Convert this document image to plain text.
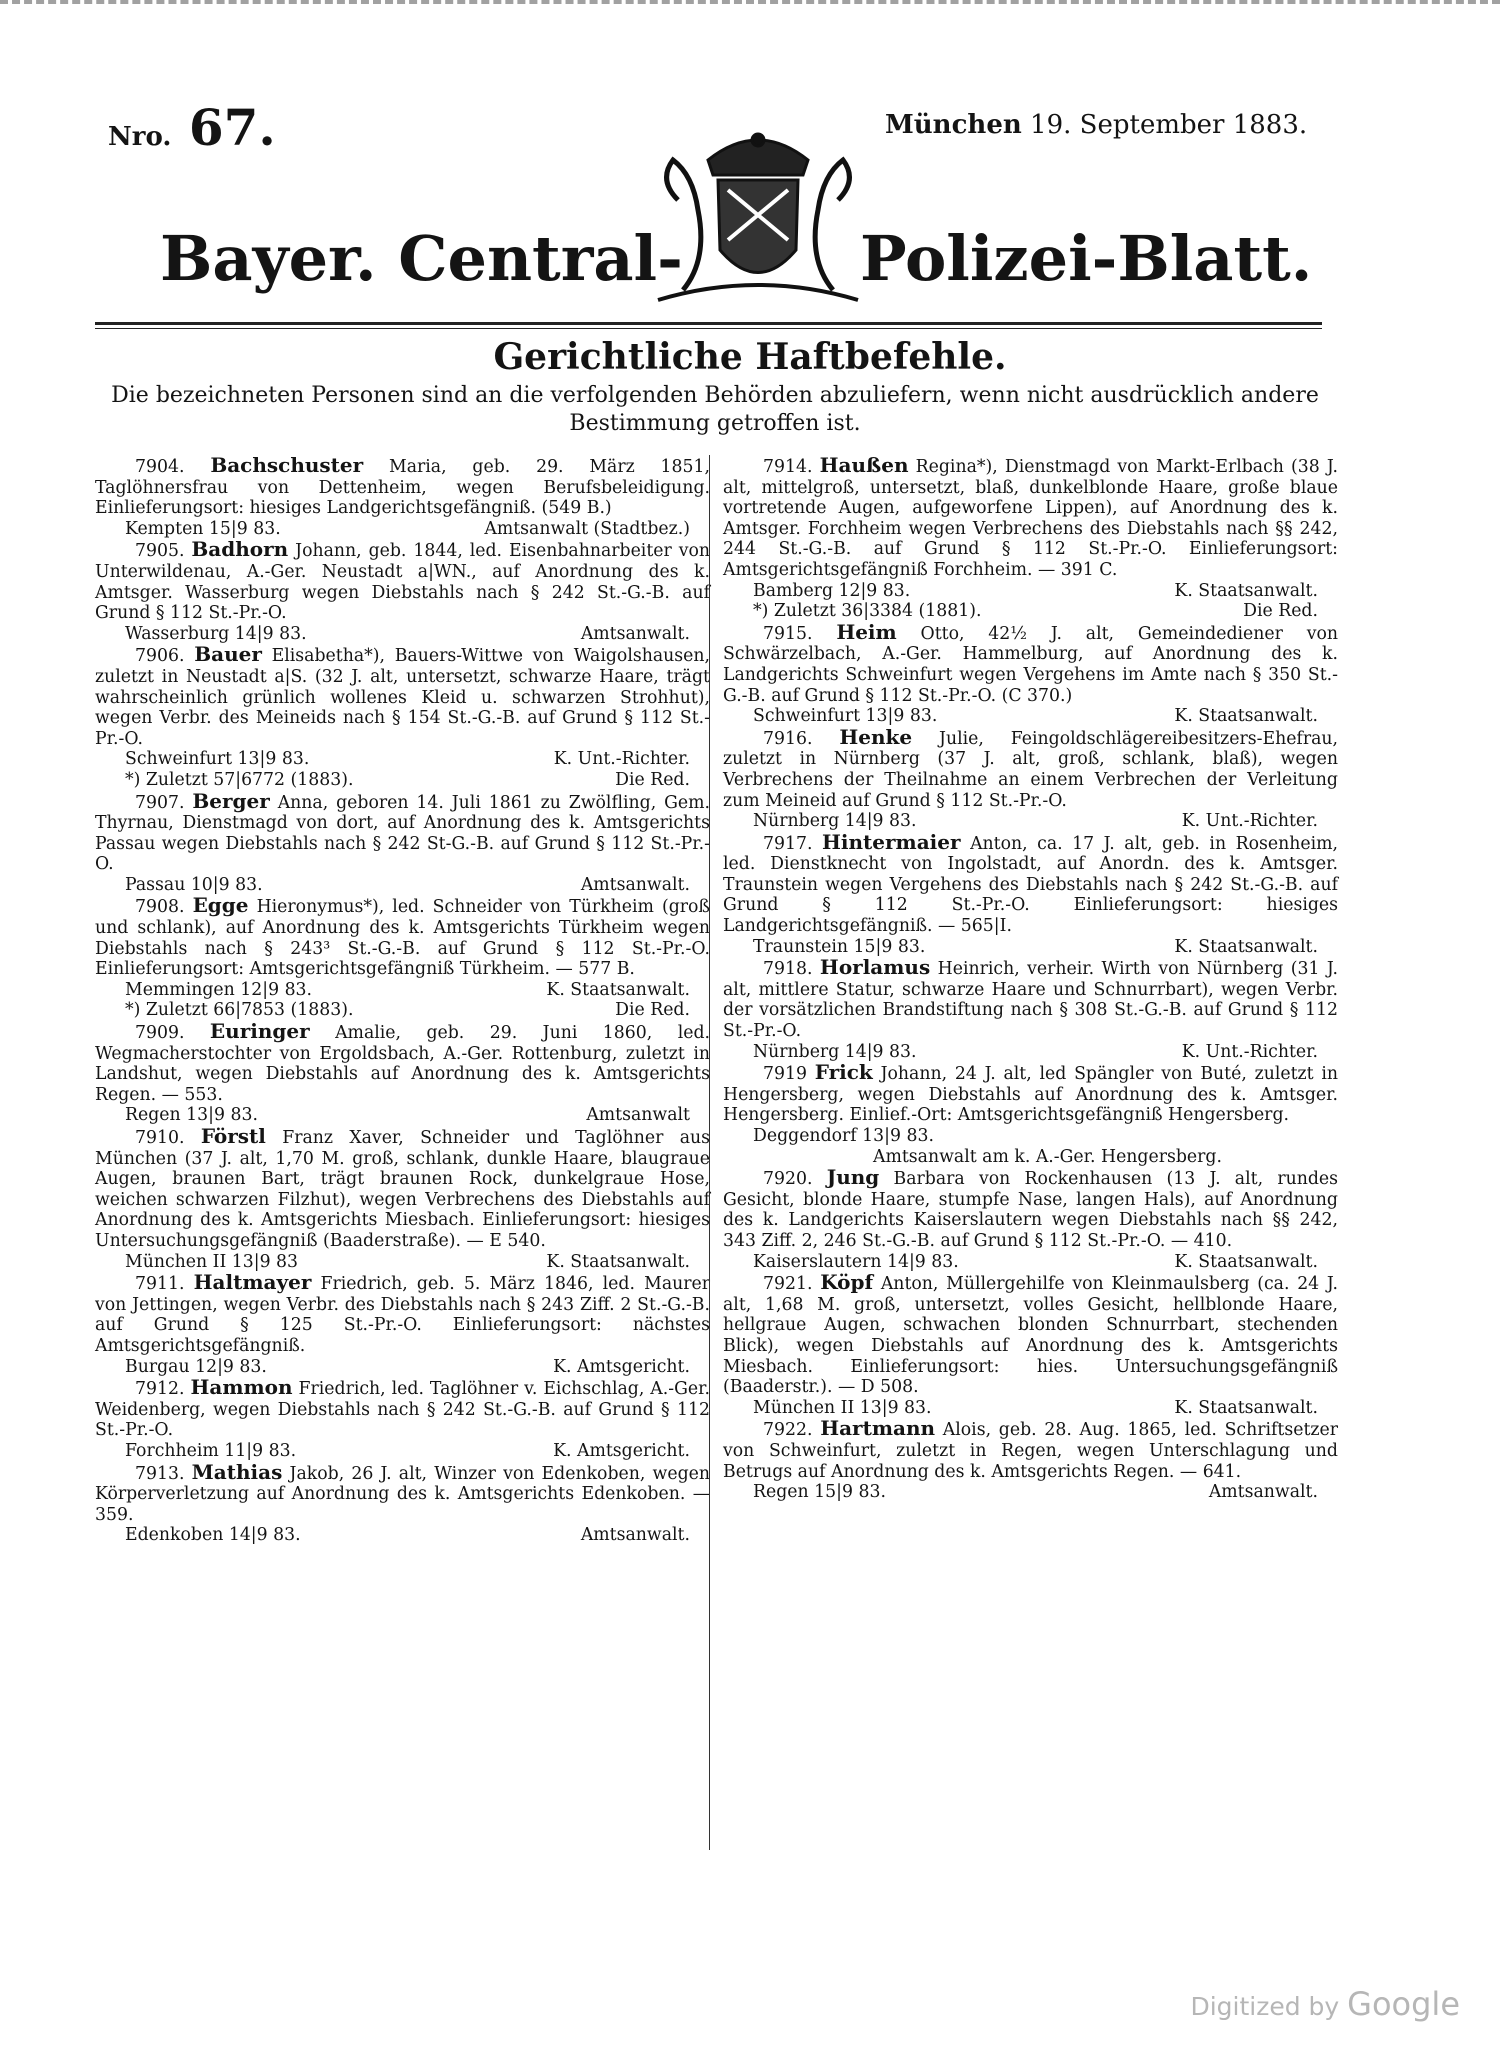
Nro. 67.	München 19. September 1883.
Bayer. Central-	Polizei-Blatt.
Gerichtliche Haftbefehle.
Die bezeichneten Personen sind an die verfolgenden Behörden abzuliefern, wenn nicht ausdrücklich andere Bestimmung getroffen ist.

7904. Bachschuster Maria, geb. 29. März 1851, Taglöhnersfrau von Dettenheim, wegen Berufsbeleidigung. Einlieferungsort: hiesiges Landgerichtsgefängniß. (549 B.)

Kempten 15|9 83.	Amtsanwalt (Stadtbez.)

7905. Badhorn Johann, geb. 1844, led. Eisenbahnarbeiter von Unterwildenau, A.-Ger. Neustadt a|WN., auf Anordnung des k. Amtsger. Wasserburg wegen Diebstahls nach § 242 St.-G.-B. auf Grund § 112 St.-Pr.-O.

Wasserburg 14|9 83.	Amtsanwalt.

7906. Bauer Elisabetha*), Bauers-Wittwe von Waigolshausen, zuletzt in Neustadt a|S. (32 J. alt, untersetzt, schwarze Haare, trägt wahrscheinlich grünlich wollenes Kleid u. schwarzen Strohhut), wegen Verbr. des Meineids nach § 154 St.-G.-B. auf Grund § 112 St.-Pr.-O.

Schweinfurt 13|9 83.	K. Unt.-Richter.
*) Zuletzt 57|6772 (1883).	Die Red.

7907. Berger Anna, geboren 14. Juli 1861 zu Zwölfling, Gem. Thyrnau, Dienstmagd von dort, auf Anordnung des k. Amtsgerichts Passau wegen Diebstahls nach § 242 St-G.-B. auf Grund § 112 St.-Pr.-O.

Passau 10|9 83.	Amtsanwalt.

7908. Egge Hieronymus*), led. Schneider von Türkheim (groß und schlank), auf Anordnung des k. Amtsgerichts Türkheim wegen Diebstahls nach § 243³ St.-G.-B. auf Grund § 112 St.-Pr.-O. Einlieferungsort: Amtsgerichtsgefängniß Türkheim. — 577 B.

Memmingen 12|9 83.	K. Staatsanwalt.
*) Zuletzt 66|7853 (1883).	Die Red.

7909. Euringer Amalie, geb. 29. Juni 1860, led. Wegmacherstochter von Ergoldsbach, A.-Ger. Rottenburg, zuletzt in Landshut, wegen Diebstahls auf Anordnung des k. Amtsgerichts Regen. — 553.

Regen 13|9 83.	Amtsanwalt

7910. Förstl Franz Xaver, Schneider und Taglöhner aus München (37 J. alt, 1,70 M. groß, schlank, dunkle Haare, blaugraue Augen, braunen Bart, trägt braunen Rock, dunkelgraue Hose, weichen schwarzen Filzhut), wegen Verbrechens des Diebstahls auf Anordnung des k. Amtsgerichts Miesbach. Einlieferungsort: hiesiges Untersuchungsgefängniß (Baaderstraße). — E 540.

München II 13|9 83	K. Staatsanwalt.

7911. Haltmayer Friedrich, geb. 5. März 1846, led. Maurer von Jettingen, wegen Verbr. des Diebstahls nach § 243 Ziff. 2 St.-G.-B. auf Grund § 125 St.-Pr.-O. Einlieferungsort: nächstes Amtsgerichtsgefängniß.

Burgau 12|9 83.	K. Amtsgericht.

7912. Hammon Friedrich, led. Taglöhner v. Eichschlag, A.-Ger. Weidenberg, wegen Diebstahls nach § 242 St.-G.-B. auf Grund § 112 St.-Pr.-O.

Forchheim 11|9 83.	K. Amtsgericht.

7913. Mathias Jakob, 26 J. alt, Winzer von Edenkoben, wegen Körperverletzung auf Anordnung des k. Amtsgerichts Edenkoben. — 359.

Edenkoben 14|9 83.	Amtsanwalt.

7914. Haußen Regina*), Dienstmagd von Markt-Erlbach (38 J. alt, mittelgroß, untersetzt, blaß, dunkelblonde Haare, große blaue vortretende Augen, aufgeworfene Lippen), auf Anordnung des k. Amtsger. Forchheim wegen Verbrechens des Diebstahls nach §§ 242, 244 St.-G.-B. auf Grund § 112 St.-Pr.-O. Einlieferungsort: Amtsgerichtsgefängniß Forchheim. — 391 C.

Bamberg 12|9 83.	K. Staatsanwalt.
*) Zuletzt 36|3384 (1881).	Die Red.

7915. Heim Otto, 42½ J. alt, Gemeindediener von Schwärzelbach, A.-Ger. Hammelburg, auf Anordnung des k. Landgerichts Schweinfurt wegen Vergehens im Amte nach § 350 St.-G.-B. auf Grund § 112 St.-Pr.-O. (C 370.)

Schweinfurt 13|9 83.	K. Staatsanwalt.

7916. Henke Julie, Feingoldschlägereibesitzers-Ehefrau, zuletzt in Nürnberg (37 J. alt, groß, schlank, blaß), wegen Verbrechens der Theilnahme an einem Verbrechen der Verleitung zum Meineid auf Grund § 112 St.-Pr.-O.

Nürnberg 14|9 83.	K. Unt.-Richter.

7917. Hintermaier Anton, ca. 17 J. alt, geb. in Rosenheim, led. Dienstknecht von Ingolstadt, auf Anordn. des k. Amtsger. Traunstein wegen Vergehens des Diebstahls nach § 242 St.-G.-B. auf Grund § 112 St.-Pr.-O. Einlieferungsort: hiesiges Landgerichtsgefängniß. — 565|I.

Traunstein 15|9 83.	K. Staatsanwalt.

7918. Horlamus Heinrich, verheir. Wirth von Nürnberg (31 J. alt, mittlere Statur, schwarze Haare und Schnurrbart), wegen Verbr. der vorsätzlichen Brandstiftung nach § 308 St.-G.-B. auf Grund § 112 St.-Pr.-O.

Nürnberg 14|9 83.	K. Unt.-Richter.

7919 Frick Johann, 24 J. alt, led Spängler von Buté, zuletzt in Hengersberg, wegen Diebstahls auf Anordnung des k. Amtsger. Hengersberg. Einlief.-Ort: Amtsgerichtsgefängniß Hengersberg.

Deggendorf 13|9 83.
Amtsanwalt am k. A.-Ger. Hengersberg.

7920. Jung Barbara von Rockenhausen (13 J. alt, rundes Gesicht, blonde Haare, stumpfe Nase, langen Hals), auf Anordnung des k. Landgerichts Kaiserslautern wegen Diebstahls nach §§ 242, 343 Ziff. 2, 246 St.-G.-B. auf Grund § 112 St.-Pr.-O. — 410.

Kaiserslautern 14|9 83.	K. Staatsanwalt.

7921. Köpf Anton, Müllergehilfe von Kleinmaulsberg (ca. 24 J. alt, 1,68 M. groß, untersetzt, volles Gesicht, hellblonde Haare, hellgraue Augen, schwachen blonden Schnurrbart, stechenden Blick), wegen Diebstahls auf Anordnung des k. Amtsgerichts Miesbach. Einlieferungsort: hies. Untersuchungsgefängniß (Baaderstr.). — D 508.

München II 13|9 83.	K. Staatsanwalt.

7922. Hartmann Alois, geb. 28. Aug. 1865, led. Schriftsetzer von Schweinfurt, zuletzt in Regen, wegen Unterschlagung und Betrugs auf Anordnung des k. Amtsgerichts Regen. — 641.

Regen 15|9 83.	Amtsanwalt.
Digitized by Google
